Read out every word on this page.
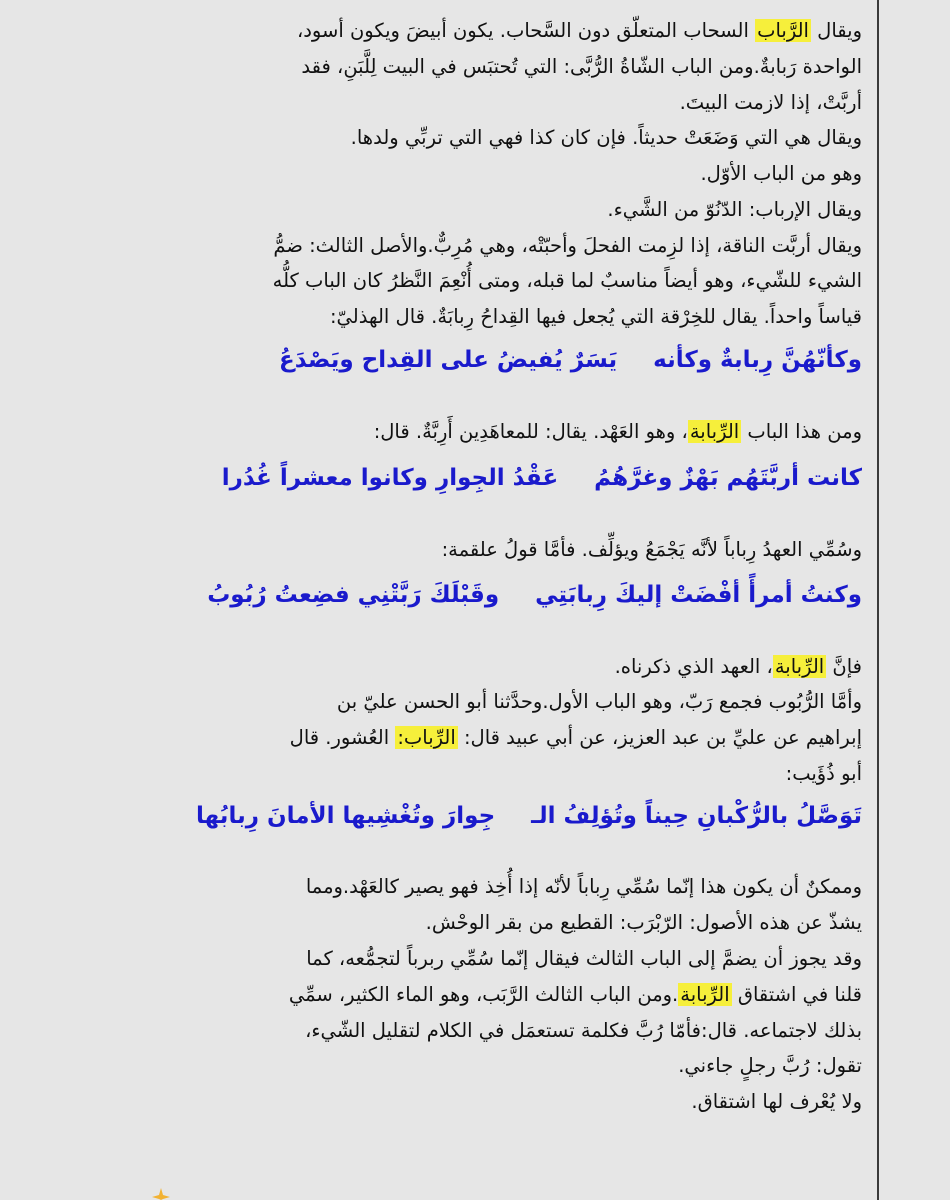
ويقال الرَّباب السحاب المتعلّق دون السَّحاب. يكون أبيضَ ويكون أسود،
الواحدة رَبابةٌ.ومن الباب الشّاةُ الرُّبَّى: التي تُحتبَس في البيت لِلَّبَنِ، فقد
أربَّتْ، إذا لازمت البيتَ.
ويقال هي التي وَضَعَتْ حديثاً. فإن كان كذا فهي التي تربِّي ولدها.
وهو من الباب الأوّل.
ويقال الإرباب: الدّنُوّ من الشَّيء.
ويقال أربَّت الناقة، إذا لزِمت الفحلَ وأحبّتْه، وهي مُرِبٌّ.والأصل الثالث: ضمُّ
الشيء للشّيء، وهو أيضاً مناسبٌ لما قبله، ومتى أُنْعِمَ النَّظرُ كان الباب كلُّه
قياساً واحداً. يقال للخِرْقة التي يُجعل فيها القِداحُ رِبابَةٌ. قال الهذليّ:
وكأنّهُنَّ رِبابةٌ وكأنهيَسَرٌ يُفيضُ على القِداح ويَصْدَعُ
ومن هذا الباب الرِّبابة، وهو العَهْد. يقال: للمعاهَدِين أَرِبَّةٌ. قال:
كانت أربَّتَهُم بَهْزٌ وغرَّهُمُعَقْدُ الجِوارِ وكانوا معشراً غُدُرا
وسُمِّي العهدُ رِباباً لأنَّه يَجْمَعُ ويؤلِّف. فأمَّا قولُ علقمة:
وكنتُ أمرأً أفْضَتْ إليكَ رِبابَتِيوقَبْلَكَ رَبَّتْنِي فضِعتُ رُبُوبُ
فإنَّ الرِّبابة، العهد الذي ذكرناه.
وأمَّا الرُّبُوب فجمع رَبّ، وهو الباب الأول.وحدَّثنا أبو الحسن عليّ بن
إبراهيم عن عليِّ بن عبد العزيز، عن أبي عبيد قال: الرِّباب: العُشور. قال
أبو ذُؤَيب:
تَوَصَّلُ بالرُّكْبانِ حِيناً وتُؤلِفُ الـجِوارَ وتُغْشِيها الأمانَ رِبابُها
وممكنٌ أن يكون هذا إنّما سُمِّي رِباباً لأنّه إذا أُخِذ فهو يصير كالعَهْد.ومما
يشذّ عن هذه الأصول: الرّبْرَب: القطيع من بقر الوحْش.
وقد يجوز أن يضمَّ إلى الباب الثالث فيقال إنّما سُمِّي ربرباً لتجمُّعه، كما
قلنا في اشتقاق الرِّبابة.ومن الباب الثالث الرَّبَب، وهو الماء الكثير، سمِّي
بذلك لاجتماعه. قال:فأمّا رُبَّ فكلمة تستعمَل في الكلام لتقليل الشّيء،
تقول: رُبَّ رجلٍ جاءني.
ولا يُعْرف لها اشتقاق.
